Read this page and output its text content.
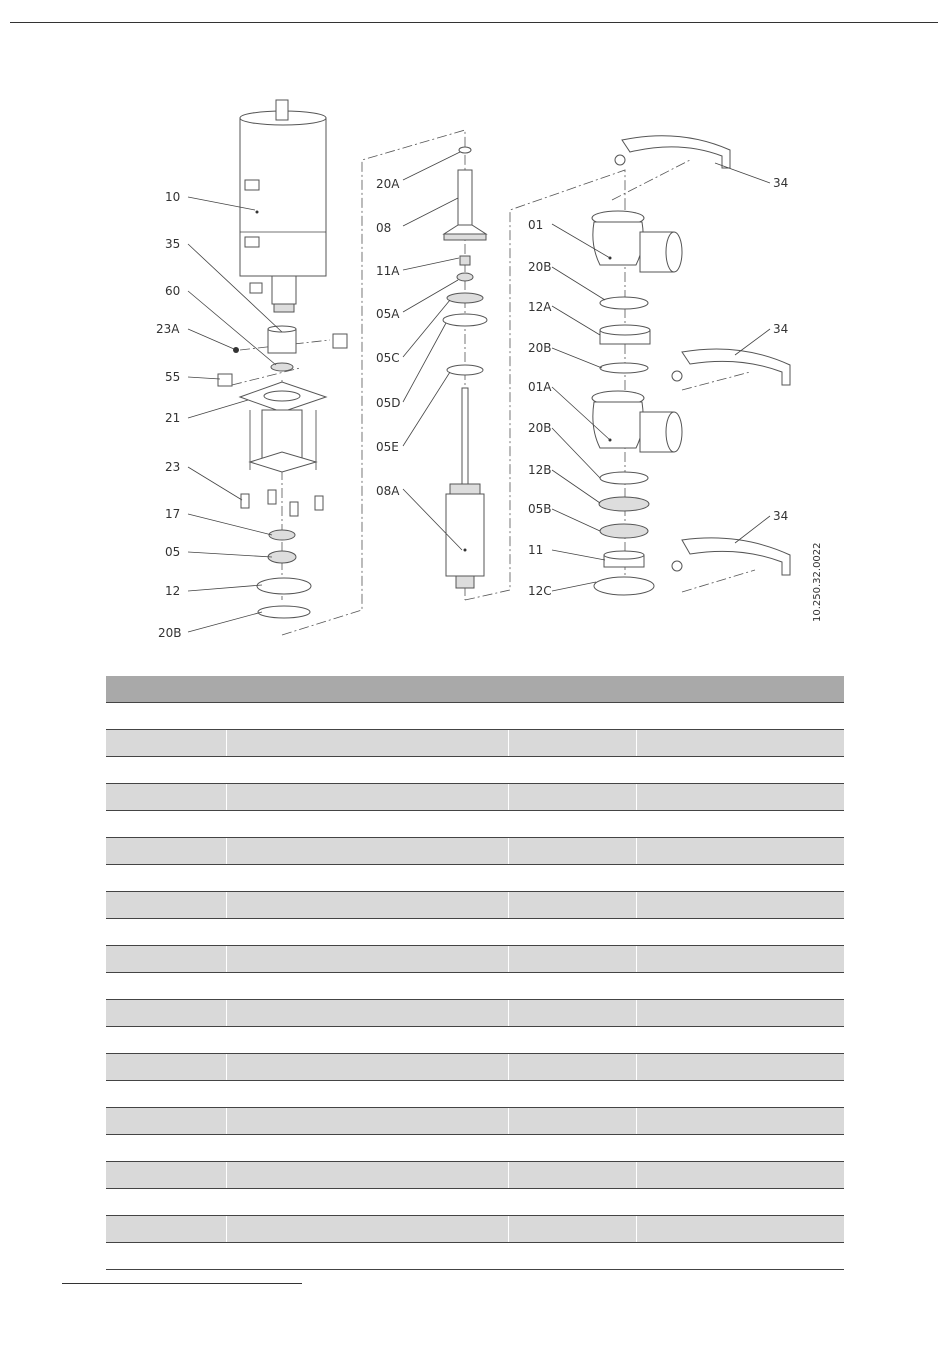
10
35
60
23A
55
21
23
17
05
12
20B
20A
08
11A
05A
05C
05D
05E
08A
01
20B
12A
20B
01A
20B
12B
05B
11
12C
34
34
34
10.250.32.0022
